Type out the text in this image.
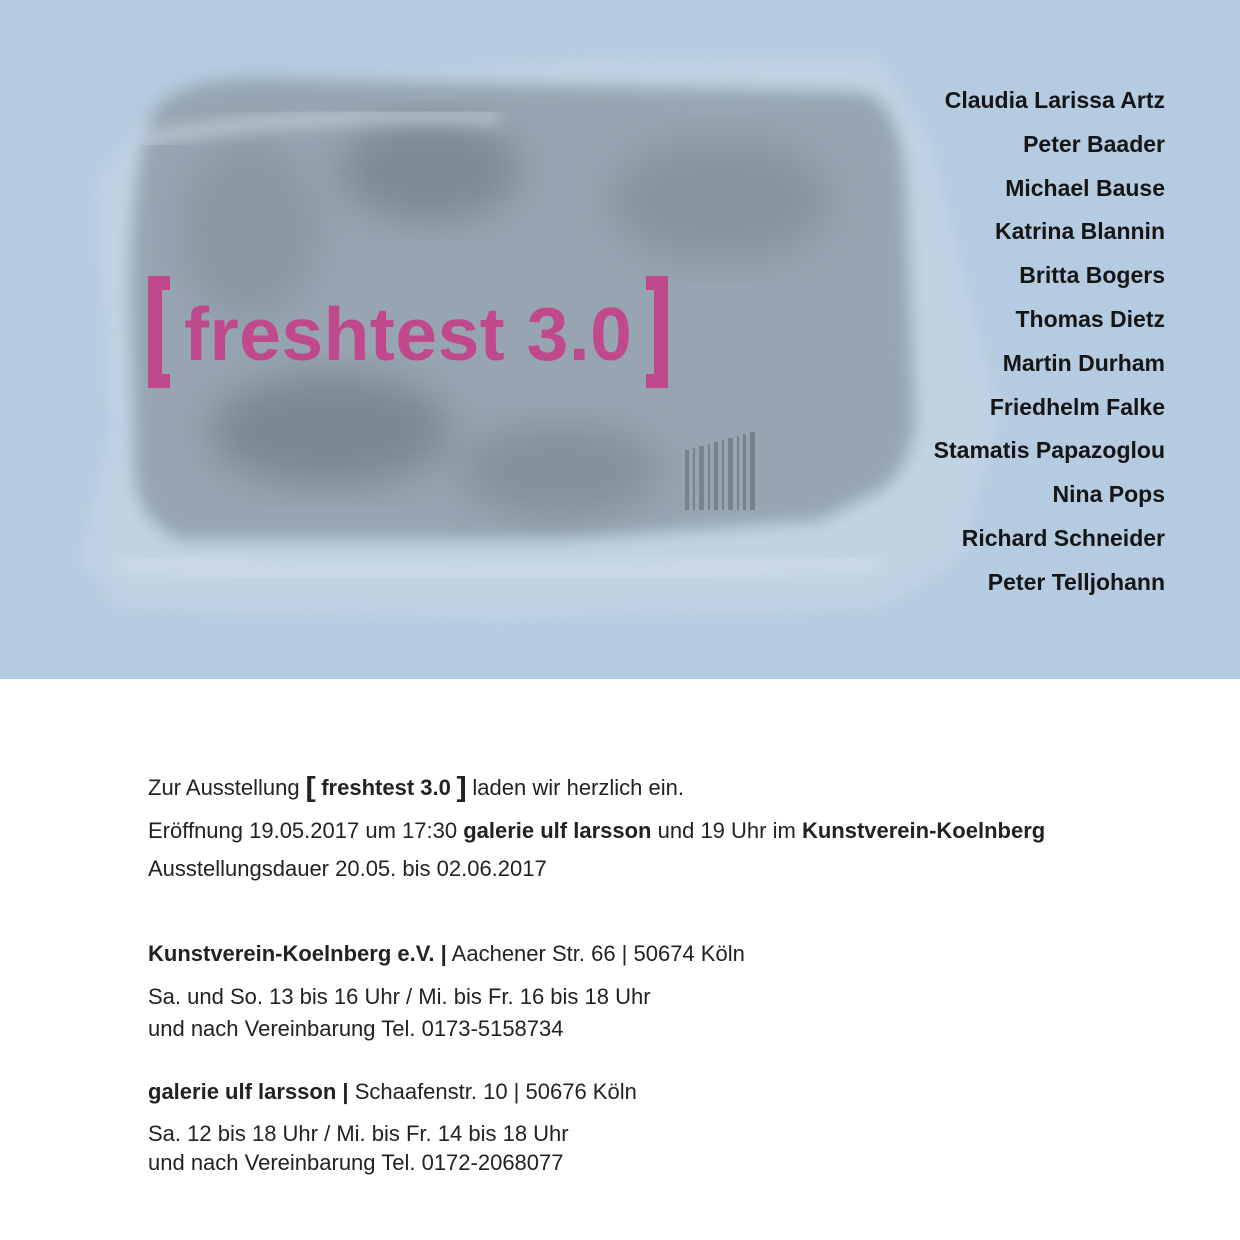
freshtest 3.0
Claudia Larissa Artz
Peter Baader
Michael Bause
Katrina Blannin
Britta Bogers
Thomas Dietz
Martin Durham
Friedhelm Falke
Stamatis Papazoglou
Nina Pops
Richard Schneider
Peter Telljohann
Zur Ausstellung [ freshtest 3.0 ] laden wir herzlich ein.
Eröffnung 19.05.2017 um 17:30 galerie ulf larsson und 19 Uhr im Kunstverein-Koelnberg
Ausstellungsdauer 20.05. bis 02.06.2017
Kunstverein-Koelnberg e.V. | Aachener Str. 66 | 50674 Köln
Sa. und So. 13 bis 16 Uhr / Mi. bis Fr. 16 bis 18 Uhr
und nach Vereinbarung Tel. 0173-5158734
galerie ulf larsson | Schaafenstr. 10 | 50676 Köln
Sa. 12 bis 18 Uhr / Mi. bis Fr. 14 bis 18 Uhr
und nach Vereinbarung Tel. 0172-2068077
